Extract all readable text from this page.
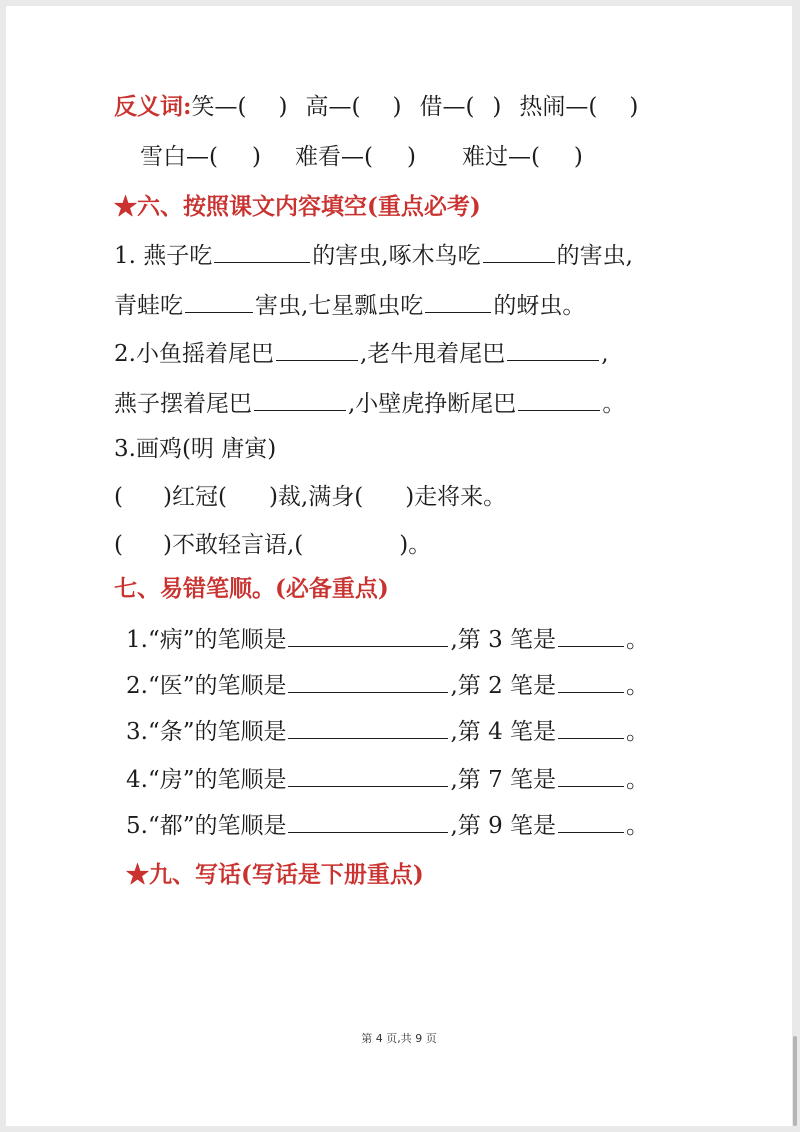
反义词:笑—( ) 高—( ) 借—( ) 热闹—( )
雪白—( ) 难看—( ) 难过—( )
★六、按照课文内容填空(重点必考)
1. 燕子吃	的害虫,啄木鸟吃	的害虫,
青蛙吃	害虫,七星瓢虫吃	的蚜虫。
2.小鱼摇着尾巴	,老牛甩着尾巴	,
燕子摆着尾巴	,小壁虎挣断尾巴	。
3.画鸡(明 唐寅)
( )红冠( )裁,满身( )走将来。
( )不敢轻言语,(	)。
七、易错笔顺。(必备重点)
1.“病”的笔顺是	,第 3 笔是	。
2.“医”的笔顺是	,第 2 笔是	。
3.“条”的笔顺是	,第 4 笔是	。
4.“房”的笔顺是	,第 7 笔是	。
5.“都”的笔顺是	,第 9 笔是	。
★九、写话(写话是下册重点)
第 4 页,共 9 页
